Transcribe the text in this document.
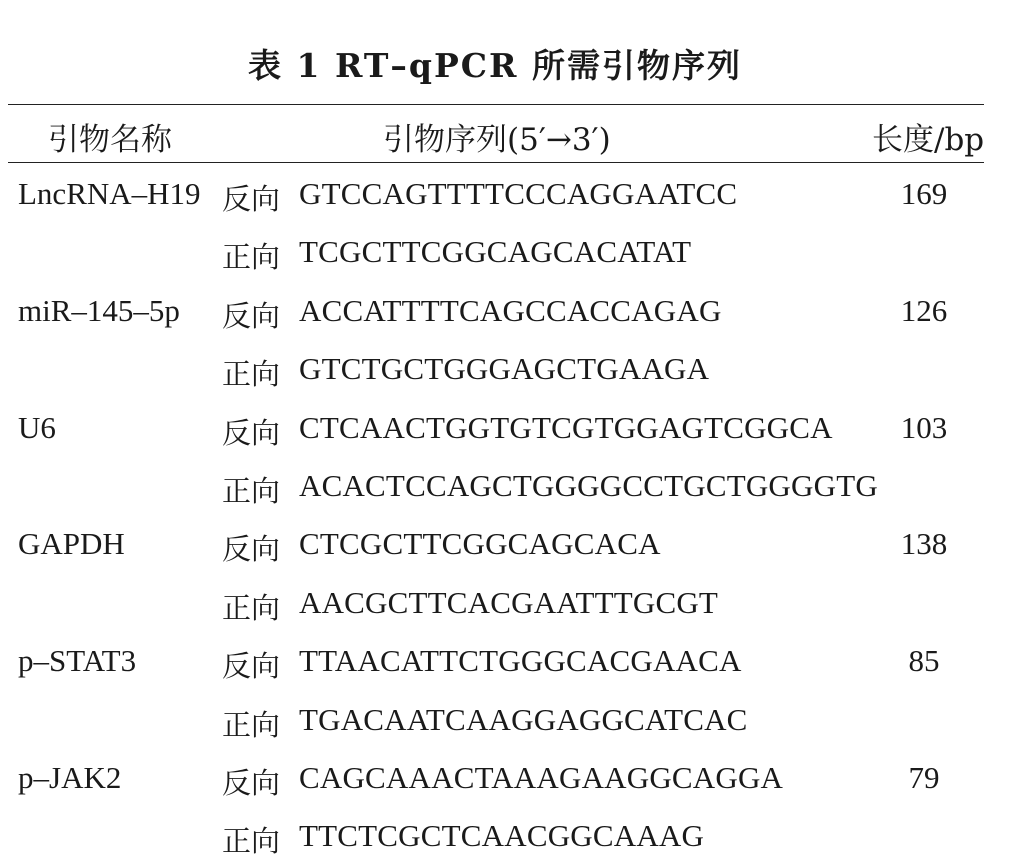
表 1 RT–qPCR 所需引物序列
引物名称	引物序列(5′→3′)	长度/bp
LncRNA–H19 反向 GTCCAGTTTTCCCAGGAATCC	169
正向 TCGCTTCGGCAGCACATAT
miR–145–5p 反向 ACCATTTTCAGCCACCAGAG	126
正向 GTCTGCTGGGAGCTGAAGA
U6	反向 CTCAACTGGTGTCGTGGAGTCGGCA	103
正向 ACACTCCAGCTGGGGCCTGCTGGGGTG
GAPDH	反向 CTCGCTTCGGCAGCACA	138
正向 AACGCTTCACGAATTTGCGT
p–STAT3	反向 TTAACATTCTGGGCACGAACA	85
正向 TGACAATCAAGGAGGCATCAC
p–JAK2	反向 CAGCAAACTAAAGAAGGCAGGA	79
正向 TTCTCGCTCAACGGCAAAG
